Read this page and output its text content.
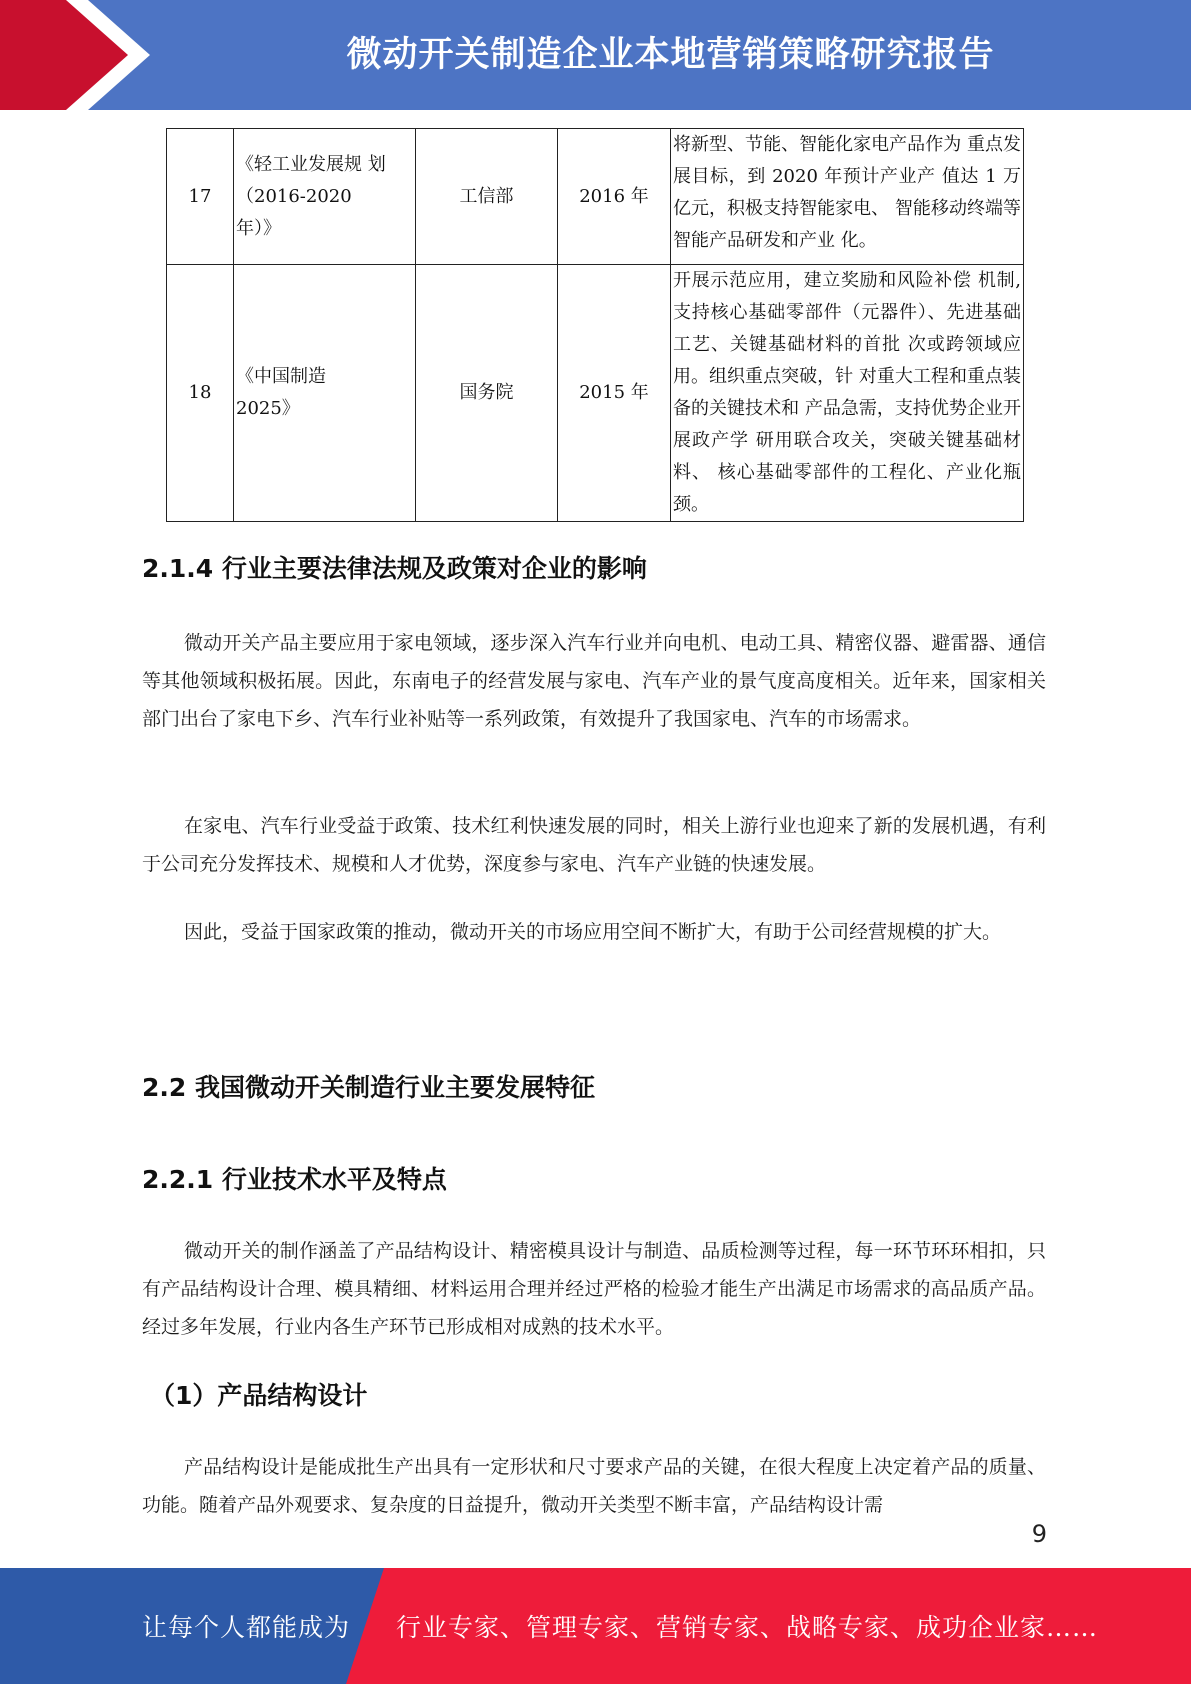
微动开关制造企业本地营销策略研究报告
17	《轻工业发展规 划
（2016-2020
年）》	工信部	2016 年	将新型、节能、智能化家电产品作为 重点发展目标，到 2020 年预计产业产 值达 1 万亿元，积极支持智能家电、 智能移动终端等智能产品研发和产业 化。
18	《中国制造
2025》	国务院	2015 年	开展示范应用，建立奖励和风险补偿 机制,支持核心基础零部件（元器件）、先进基础工艺、关键基础材料的首批 次或跨领域应用。组织重点突破，针 对重大工程和重点装备的关键技术和 产品急需，支持优势企业开展政产学 研用联合攻关，突破关键基础材料、 核心基础零部件的工程化、产业化瓶 颈。
2.1.4 行业主要法律法规及政策对企业的影响

微动开关产品主要应用于家电领域，逐步深入汽车行业并向电机、电动工具、精密仪器、避雷器、通信等其他领域积极拓展。因此，东南电子的经营发展与家电、汽车产业的景气度高度相关。近年来，国家相关部门出台了家电下乡、汽车行业补贴等一系列政策，有效提升了我国家电、汽车的市场需求。

在家电、汽车行业受益于政策、技术红利快速发展的同时，相关上游行业也迎来了新的发展机遇，有利于公司充分发挥技术、规模和人才优势，深度参与家电、汽车产业链的快速发展。

因此，受益于国家政策的推动，微动开关的市场应用空间不断扩大，有助于公司经营规模的扩大。

2.2 我国微动开关制造行业主要发展特征
2.2.1 行业技术水平及特点

微动开关的制作涵盖了产品结构设计、精密模具设计与制造、品质检测等过程，每一环节环环相扣，只有产品结构设计合理、模具精细、材料运用合理并经过严格的检验才能生产出满足市场需求的高品质产品。经过多年发展，行业内各生产环节已形成相对成熟的技术水平。

（1）产品结构设计

产品结构设计是能成批生产出具有一定形状和尺寸要求产品的关键，在很大程度上决定着产品的质量、功能。随着产品外观要求、复杂度的日益提升，微动开关类型不断丰富，产品结构设计需

9
让每个人都能成为 行业专家、管理专家、营销专家、战略专家、成功企业家……
